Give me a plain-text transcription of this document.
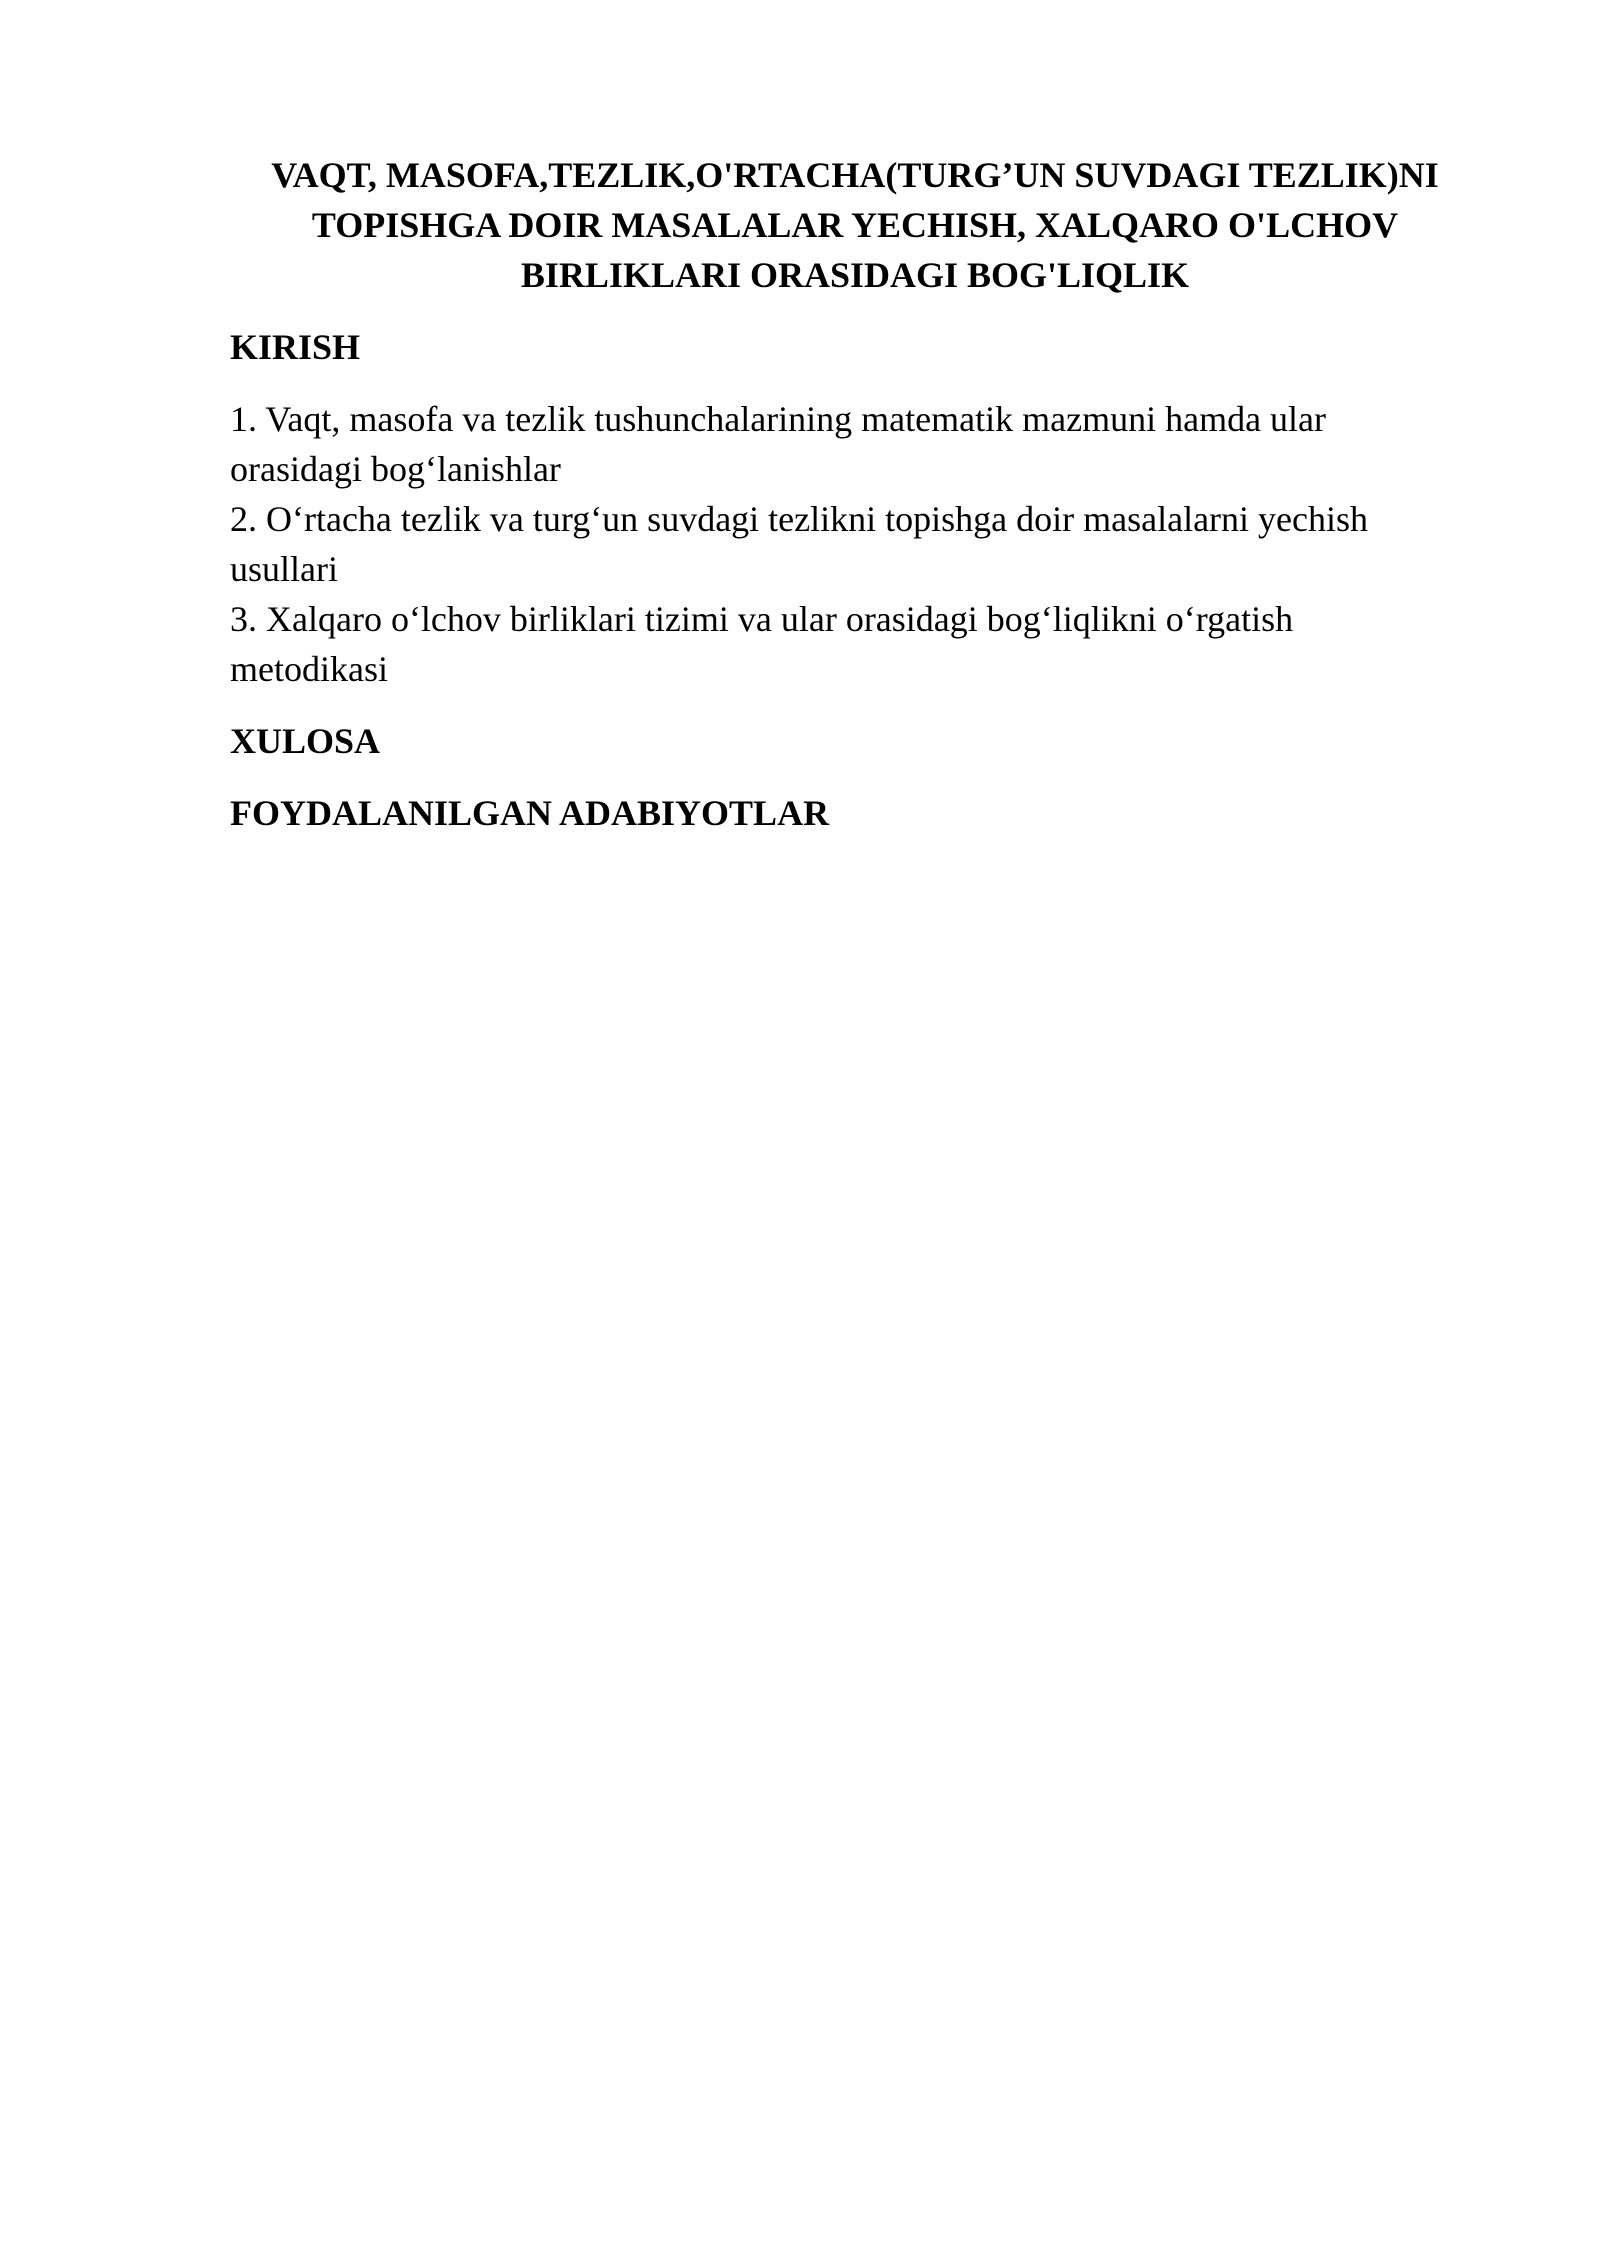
VAQT, MASOFA,TEZLIK,O'RTACHA(TURG’UN SUVDAGI TEZLIK)NI TOPISHGA DOIR MASALALAR YECHISH, XALQARO O'LCHOV BIRLIKLARI ORASIDAGI BOG'LIQLIK
KIRISH
1. Vaqt, masofa va tezlik tushunchalarining matematik mazmuni hamda ular orasidagi bog‘lanishlar
2. O‘rtacha tezlik va turg‘un suvdagi tezlikni topishga doir masalalarni yechish usullari
3. Xalqaro o‘lchov birliklari tizimi va ular orasidagi bog‘liqlikni o‘rgatish metodikasi
XULOSA
FOYDALANILGAN ADABIYOTLAR
